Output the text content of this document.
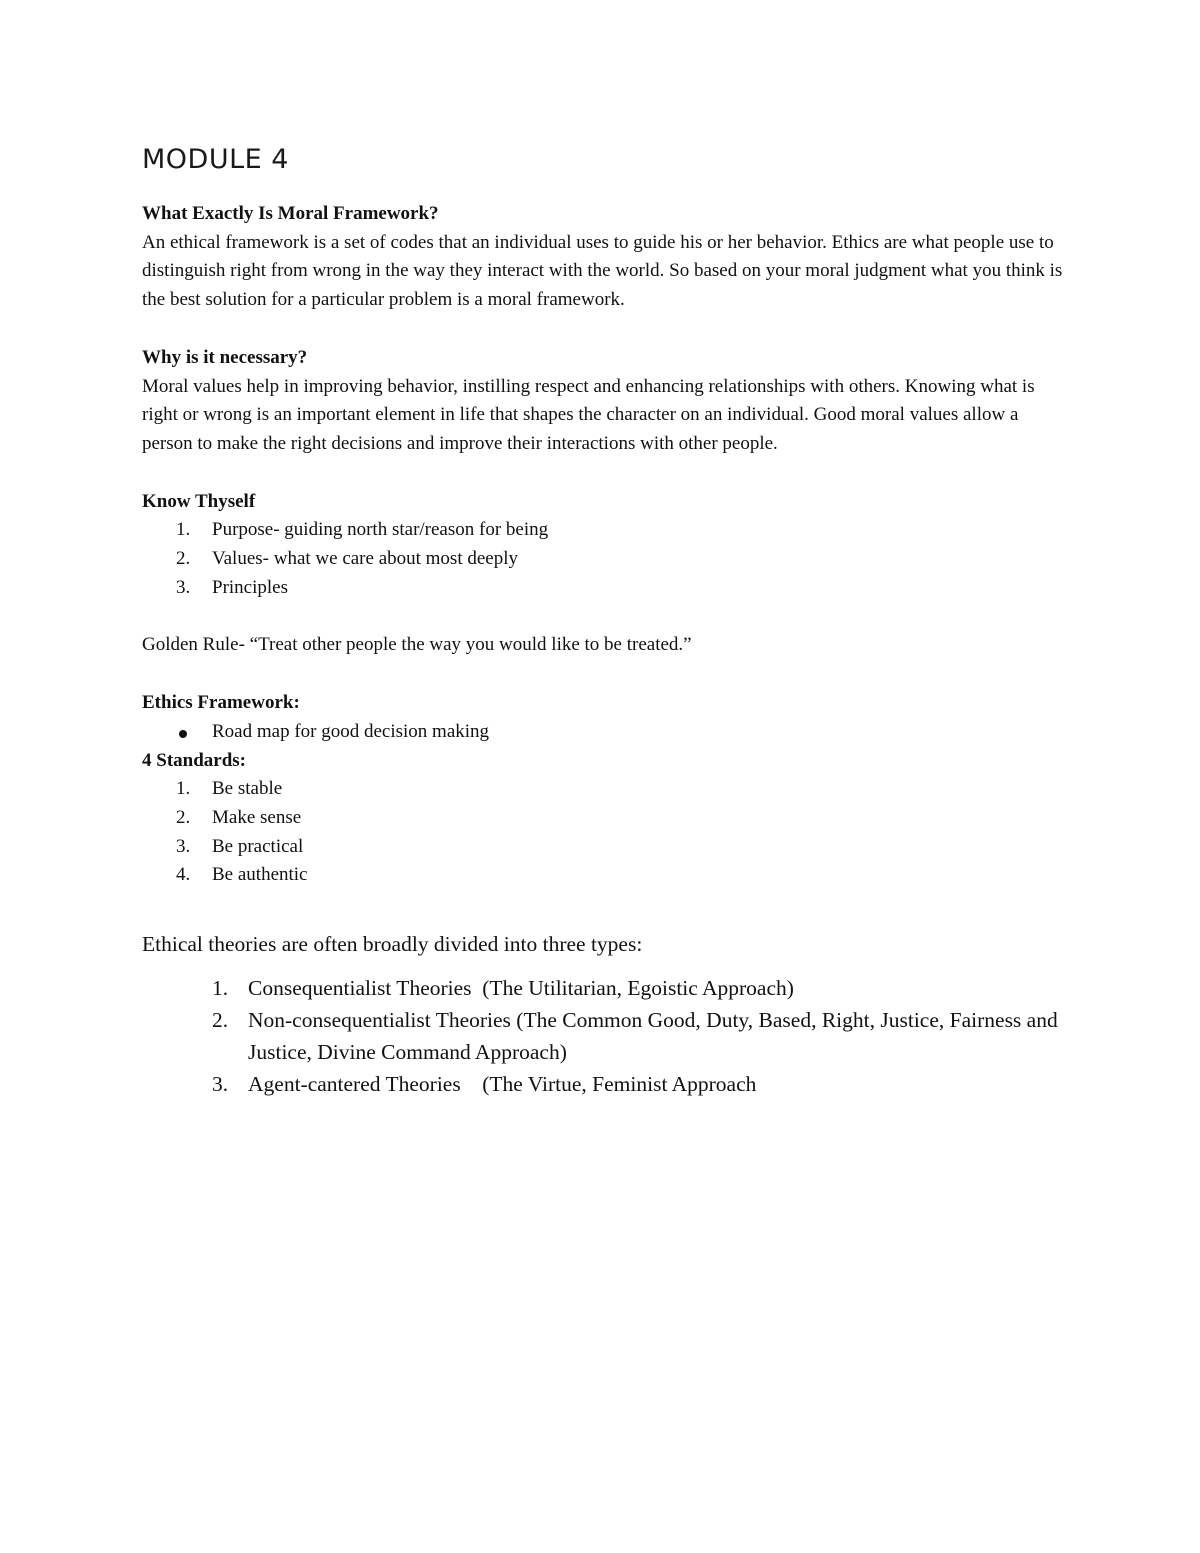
MODULE 4

What Exactly Is Moral Framework?

An ethical framework is a set of codes that an individual uses to guide his or her behavior. Ethics are what people use to distinguish right from wrong in the way they interact with the world. So based on your moral judgment what you think is the best solution for a particular problem is a moral framework.

Why is it necessary?

Moral values help in improving behavior, instilling respect and enhancing relationships with others. Knowing what is right or wrong is an important element in life that shapes the character on an individual. Good moral values allow a person to make the right decisions and improve their interactions with other people.

Know Thyself

1.	Purpose- guiding north star/reason for being
2.	Values- what we care about most deeply
3.	Principles

Golden Rule- “Treat other people the way you would like to be treated.”

Ethics Framework:

Road map for good decision making

4 Standards:

1.	Be stable
2.	Make sense
3.	Be practical
4.	Be authentic

Ethical theories are often broadly divided into three types:

1. Consequentialist Theories  (The Utilitarian, Egoistic Approach)
2. Non-consequentialist Theories (The Common Good, Duty, Based, Right, Justice, Fairness and Justice, Divine Command Approach)
3. Agent-cantered Theories    (The Virtue, Feminist Approach
